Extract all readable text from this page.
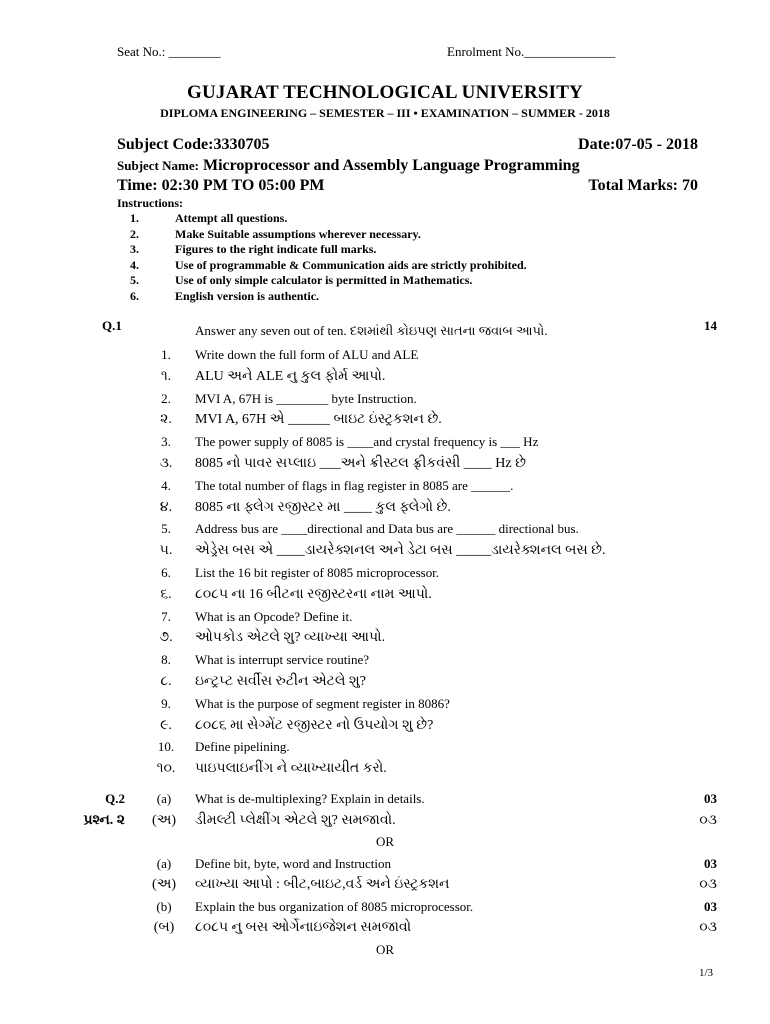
Seat No.: ________	Enrolment No.______________
GUJARAT TECHNOLOGICAL UNIVERSITY
DIPLOMA ENGINEERING – SEMESTER – III • EXAMINATION – SUMMER - 2018
Subject Code:3330705	Date:07-05 - 2018
Subject Name: Microprocessor and Assembly Language Programming
Time: 02:30 PM TO 05:00 PM	Total Marks: 70
Instructions:
1.	Attempt all questions.
2.	Make Suitable assumptions wherever necessary.
3.	Figures to the right indicate full marks.
4.	Use of programmable & Communication aids are strictly prohibited.
5.	Use of only simple calculator is permitted in Mathematics.
6.	English version is authentic.
Q.1	14
Answer any seven out of ten. દશમાંથી કોઇપણ સાતના જવાબ આપો.
1.	Write down the full form of ALU and ALE
૧.	ALU અને ALE નુ કુલ ફોર્મ આપો.
2.	MVI A, 67H is ________ byte Instruction.
૨.	MVI A, 67H એ ______ બાઇટ ઇંસ્ટ્રકશન છે.
3.	The power supply of 8085 is ____and crystal frequency is ___ Hz
૩.	8085 નો પાવર સપ્લાઇ ___અને ક્રીસ્ટલ ફ્રીકવંસી ____ Hz છે
4.	The total number of flags in flag register in 8085 are ______.
૪.	8085 ના ફ્લેગ રજીસ્ટર મા ____ કુલ ફ્લેગો છે.
5.	Address bus are ____directional and Data bus are ______ directional bus.
૫.	એડ્રેસ બસ એ ____ડાયરેક્શનલ અને ડેટા બસ _____ડાયરેક્શનલ બસ છે.
6.	List the 16 bit register of 8085 microprocessor.
૬.	૮૦૮૫ ના 16 બીટના રજીસ્ટરના નામ આપો.
7.	What is an Opcode? Define it.
૭.	ઓપકોડ એટલે શુ? વ્યાખ્યા આપો.
8.	What is interrupt service routine?
૮.	ઇન્ટ્રપ્ટ સર્વીસ રુટીન એટલે શુ?
9.	What is the purpose of segment register in 8086?
૯.	૮૦૮૬ મા સેગ્મેંટ રજીસ્ટર નો ઉપયોગ શુ છે?
10.	Define pipelining.
૧૦.	પાઇપલાઇનીંગ ને વ્યાખ્યાયીત કરો.
Q.2	(a)	What is de-multiplexing? Explain in details.	03
પ્રશ્ન. ૨	(અ)	ડીમલ્ટી પ્લેક્ષીંગ એટલે શુ? સમજાવો.	૦૩
OR
(a)	Define bit, byte, word and Instruction	03
(અ)	વ્યાખ્યા આપો : બીટ,બાઇટ,વર્ડ અને ઇંસ્ટ્રકશન	૦૩
(b)	Explain the bus organization of 8085 microprocessor.	03
(બ)	૮૦૮૫ નુ બસ ઓર્ગેનાઇજેશન સમજાવો	૦૩
OR
1/3
